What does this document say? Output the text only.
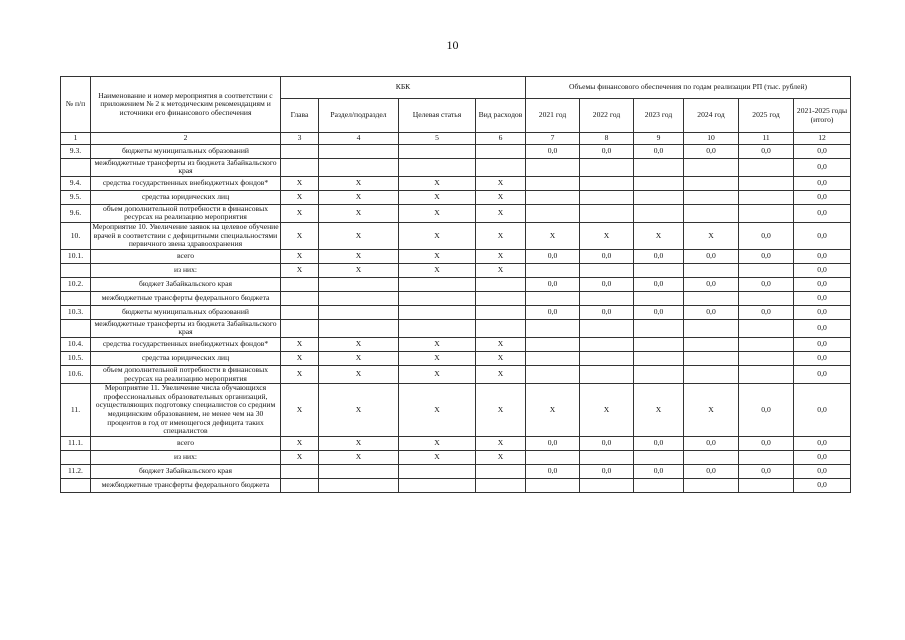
10
№ п/п	Наименование и номер мероприятия в соответствии с приложением № 2 к методическим рекомендациям и источники его финансового обеспечения	КБК				Объемы финансового обеспечения по годам реализации РП (тыс. рублей)					
		Глава	Раздел/подраздел	Целевая статья	Вид расходов	2021 год	2022 год	2023 год	2024 год	2025 год	2021-2025 годы (итого)
1	2	3	4	5	6	7	8	9	10	11	12
9.3.	бюджеты муниципальных образований					0,0	0,0	0,0	0,0	0,0	0,0
	межбюджетные трансферты из бюджета Забайкальского края										0,0
9.4.	средства государственных внебюджетных фондов*	X	X	X	X						0,0
9.5.	средства юридических лиц	X	X	X	X						0,0
9.6.	объем дополнительной потребности в финансовых ресурсах на реализацию мероприятия	X	X	X	X						0,0
10.	Мероприятие 10. Увеличение заявок на целевое обучение врачей в соответствии с дефицитными специальностями первичного звена здравоохранения	X	X	X	X	X	X	X	X	0,0	0,0
10.1.	всего	X	X	X	X	0,0	0,0	0,0	0,0	0,0	0,0
	из них:	X	X	X	X						0,0
10.2.	бюджет Забайкальского края					0,0	0,0	0,0	0,0	0,0	0,0
	межбюджетные трансферты федерального бюджета										0,0
10.3.	бюджеты муниципальных образований					0,0	0,0	0,0	0,0	0,0	0,0
	межбюджетные трансферты из бюджета Забайкальского края										0,0
10.4.	средства государственных внебюджетных фондов*	X	X	X	X						0,0
10.5.	средства юридических лиц	X	X	X	X						0,0
10.6.	объем дополнительной потребности в финансовых ресурсах на реализацию мероприятия	X	X	X	X						0,0
11.	Мероприятие 11. Увеличение числа обучающихся профессиональных образовательных организаций, осуществляющих подготовку специалистов со средним медицинским образованием, не менее чем на 30 процентов в год от имеющегося дефицита таких специалистов	X	X	X	X	X	X	X	X	0,0	0,0
11.1.	всего	X	X	X	X	0,0	0,0	0,0	0,0	0,0	0,0
	из них:	X	X	X	X						0,0
11.2.	бюджет Забайкальского края					0,0	0,0	0,0	0,0	0,0	0,0
	межбюджетные трансферты федерального бюджета										0,0
